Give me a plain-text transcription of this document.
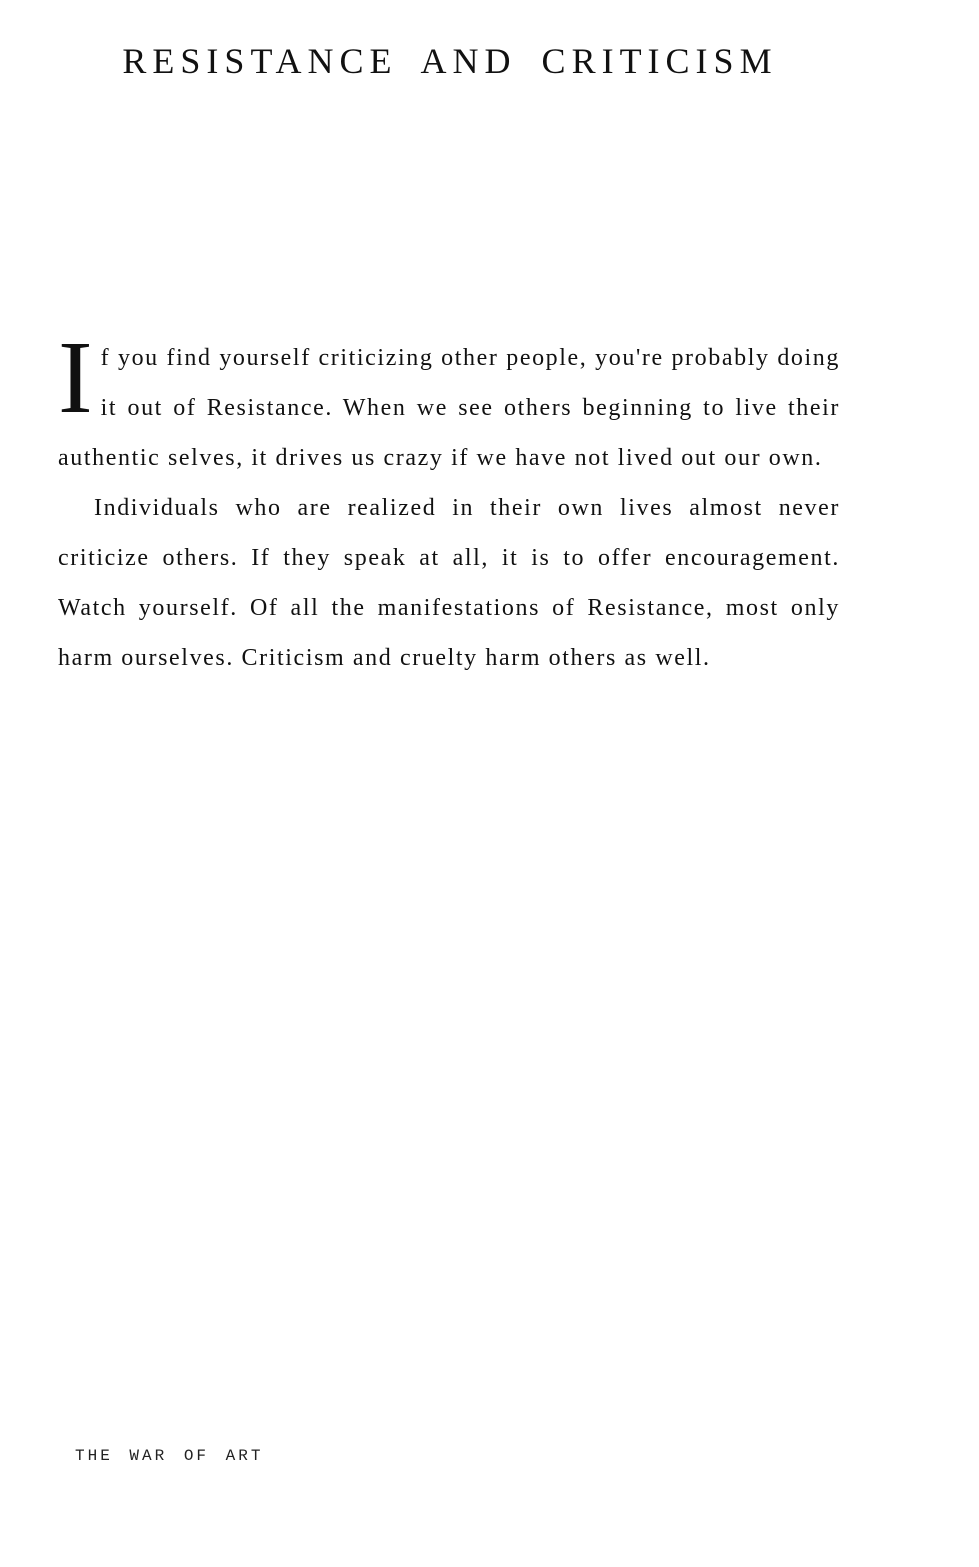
RESISTANCE AND CRITICISM

If you find yourself criticizing other people, you're probably doing it out of Resistance. When we see others beginning to live their authentic selves, it drives us crazy if we have not lived out our own.

Individuals who are realized in their own lives almost never criticize others. If they speak at all, it is to offer encouragement. Watch yourself. Of all the manifestations of Resistance, most only harm ourselves. Criticism and cruelty harm others as well.

THE WAR OF ART
